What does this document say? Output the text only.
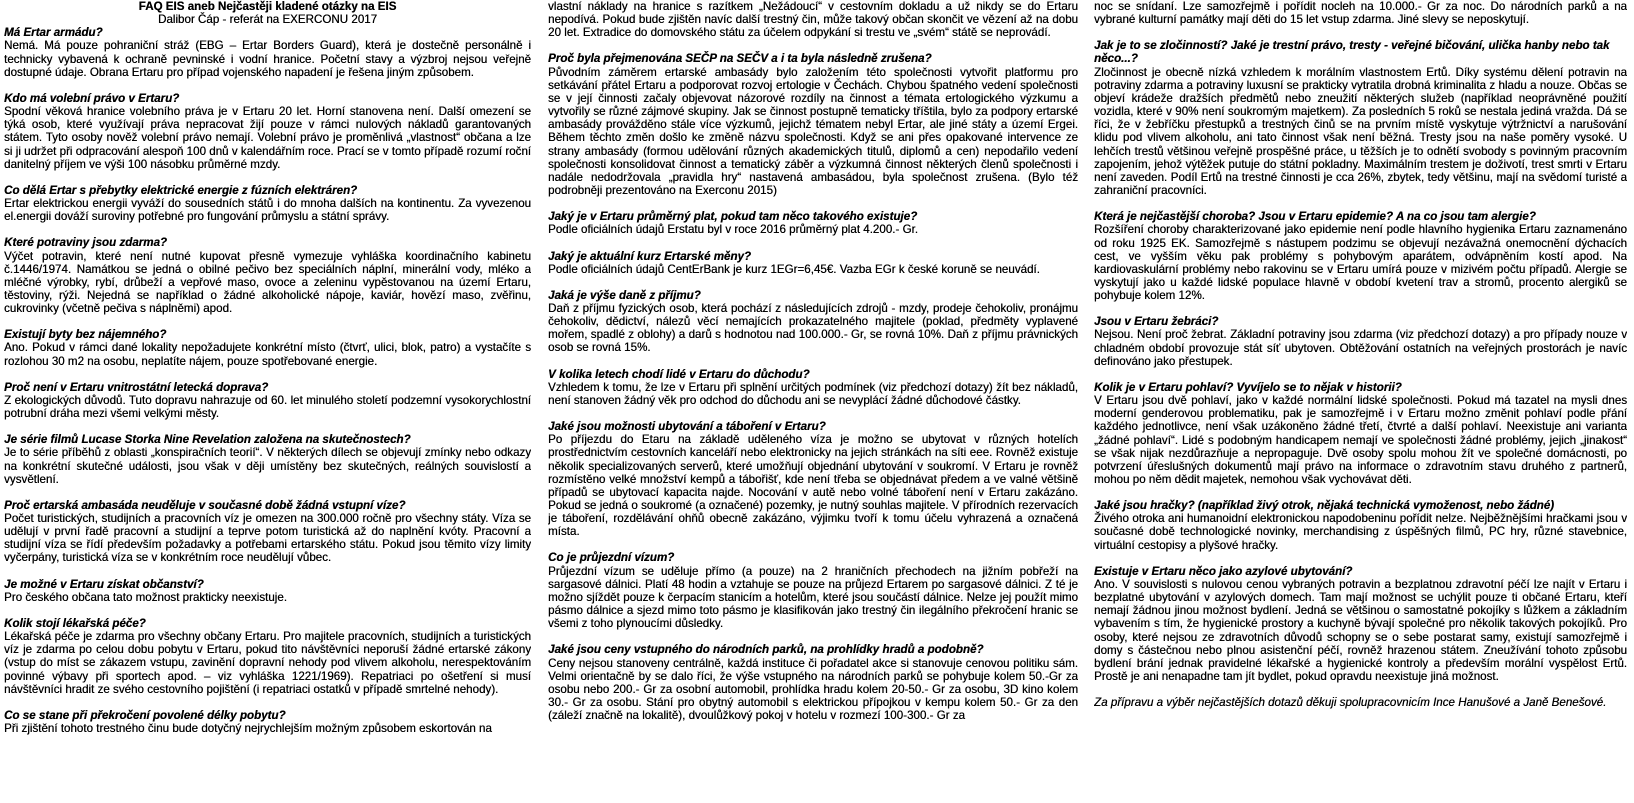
FAQ EIS aneb Nejčastěji kladené otázky na EIS
Dalibor Čáp - referát na EXERCONU 2017
Má Ertar armádu?
Nemá. Má pouze pohraniční stráž (EBG – Ertar Borders Guard), která je dostečně personálně i technicky vybavená k ochraně pevninské i vodní hranice. Početní stavy a výzbroj nejsou veřejně dostupné údaje. Obrana Ertaru pro případ vojenského napadení je řešena jiným způsobem.
Kdo má volební právo v Ertaru?
Spodní věková hranice volebního práva je v Ertaru 20 let. Horní stanovena není. Další omezení se týká osob, které využívají práva nepracovat žijí pouze v rámci nulových nákladů garantovaných státem. Tyto osoby nověž volební právo nemají. Volební právo je proměnlivá „vlastnost“ občana a lze si ji udržet při odpracování alespoň 100 dnů v kalendářním roce. Prací se v tomto případě rozumí roční danitelný příjem ve výši 100 násobku průměrné mzdy.
Co dělá Ertar s přebytky elektrické energie z fúzních elektráren?
Ertar elektrickou energii vyváží do sousedních států i do mnoha dalších na kontinentu. Za vyvezenou el.energii dováží suroviny potřebné pro fungování průmyslu a státní správy.
Které potraviny jsou zdarma?
Výčet potravin, které není nutné kupovat přesně vymezuje vyhláška koordinačního kabinetu č.1446/1974. Namátkou se jedná o obilné pečivo bez speciálních náplní, minerální vody, mléko a mléčné výrobky, rybí, drůbeží a vepřové maso, ovoce a zeleninu vypěstovanou na území Ertaru, těstoviny, rýži. Nejedná se například o žádné alkoholické nápoje, kaviár, hovězí maso, zvěřinu, cukrovinky (včetně pečiva s náplněmi) apod.
Existují byty bez nájemného?
Ano. Pokud v rámci dané lokality nepožadujete konkrétní místo (čtvrť, ulici, blok, patro) a vystačíte s rozlohou 30 m2 na osobu, neplatíte nájem, pouze spotřebované energie.
Proč není v Ertaru vnitrostátní letecká doprava?
Z ekologických důvodů. Tuto dopravu nahrazuje od 60. let minulého století podzemní vysokorychlostní potrubní dráha mezi všemi velkými městy.
Je série filmů Lucase Storka Nine Revelation založena na skutečnostech?
Je to série příběhů z oblasti „konspiračních teorií“. V některých dílech se objevují zmínky nebo odkazy na konkrétní skutečné události, jsou však v ději umístěny bez skutečných, reálných souvislostí a vysvětlení.
Proč ertarská ambasáda neuděluje v současné době žádná vstupní víze?
Počet turistických, studijních a pracovních víz je omezen na 300.000 ročně pro všechny státy. Víza se udělují v první řadě pracovní a studijní a teprve potom turistická až do naplnění kvóty. Pracovní a studijní víza se řídí především požadavky a potřebami ertarského státu. Pokud jsou těmito vízy limity vyčerpány, turistická víza se v konkrétním roce neudělují vůbec.
Je možné v Ertaru získat občanství?
Pro českého občana tato možnost prakticky neexistuje.
Kolik stojí lékařská péče?
Lékařská péče je zdarma pro všechny občany Ertaru. Pro majitele pracovních, studijních a turistických víz je zdarma po celou dobu pobytu v Ertaru, pokud tito návštěvníci neporuší žádné ertarské zákony (vstup do míst se zákazem vstupu, zavinění dopravní nehody pod vlivem alkoholu, nerespektováním povinné výbavy při sportech apod. – viz vyhláška 1221/1969). Repatriaci po ošetření si musí návštěvníci hradit ze svého cestovního pojištění (i repatriaci ostatků v případě smrtelné nehody).
Co se stane při překročení povolené délky pobytu?
Při zjištění tohoto trestného činu bude dotyčný nejrychlejším možným způsobem eskortován na
vlastní náklady na hranice s razítkem „Nežádoucí“ v cestovním dokladu a už nikdy se do Ertaru nepodívá. Pokud bude zjištěn navíc další trestný čin, může takový občan skončit ve vězení až na dobu 20 let. Extradice do domovského státu za účelem odpykání si trestu ve „svém“ státě se neprovádí.
Proč byla přejmenována SEČP na SEČV a i ta byla následně zrušena?
Původním záměrem ertarské ambasády bylo založením této společnosti vytvořit platformu pro setkávání přátel Ertaru a podporovat rozvoj ertologie v Čechách. Chybou špatného vedení společnosti se v její činnosti začaly objevovat názorové rozdíly na činnost a témata ertologického výzkumu a vytvořily se různé zájmové skupiny. Jak se činnost postupně tematicky tříštila, bylo za podpory ertarské ambasády provážděno stále více výzkumů, jejichž tématem nebyl Ertar, ale jiné státy a území Ergei. Během těchto změn došlo ke změně názvu společnosti. Když se ani přes opakované intervence ze strany ambasády (formou udělování různých akademických titulů, diplomů a cen) nepodařilo vedení společnosti konsolidovat činnost a tematický záběr a výzkumná činnost některých členů společnosti i nadále nedodržovala „pravidla hry“ nastavená ambasádou, byla společnost zrušena. (Bylo též podrobněji prezentováno na Exerconu 2015)
Jaký je v Ertaru průměrný plat, pokud tam něco takového existuje?
Podle oficiálních údajů Erstatu byl v roce 2016 průměrný plat 4.200.- Gr.
Jaký je aktuální kurz Ertarské měny?
Podle oficiálních údajů CentErBank je kurz 1EGr=6,45€. Vazba EGr k české koruně se neuvádí.
Jaká je výše daně z příjmu?
Daň z příjmu fyzických osob, která pochází z následujících zdrojů - mzdy, prodeje čehokoliv, pronájmu čehokoliv, dědictví, nálezů věcí nemajících prokazatelného majitele (poklad, předměty vyplavené mořem, spadlé z oblohy) a darů s hodnotou nad 100.000.- Gr, se rovná 10%. Daň z příjmu právnických osob se rovná 15%.
V kolika letech chodí lidé v Ertaru do důchodu?
Vzhledem k tomu, že lze v Ertaru při splnění určitých podmínek (viz předchozí dotazy) žít bez nákladů, není stanoven žádný věk pro odchod do důchodu ani se nevyplácí žádné důchodové částky.
Jaké jsou možnosti ubytování a táboření v Ertaru?
Po příjezdu do Etaru na základě uděleného víza je možno se ubytovat v různých hotelích prostřednictvím cestovních kanceláří nebo elektronicky na jejich stránkách na síti eee. Rovněž existuje několik specializovaných serverů, které umožňují objednání ubytování v soukromí. V Ertaru je rovněž rozmístěno velké množství kempů a tábořišť, kde není třeba se objednávat předem a ve valné většině případů se ubytovací kapacita najde. Nocování v autě nebo volné táboření není v Ertaru zakázáno. Pokud se jedná o soukromé (a označené) pozemky, je nutný souhlas majitele. V přírodních rezervacích je táboření, rozdělávání ohňů obecně zakázáno, výjimku tvoří k tomu účelu vyhrazená a označená místa.
Co je průjezdní vízum?
Průjezdní vízum se uděluje přímo (a pouze) na 2 hraničních přechodech na jižním pobřeží na sargasové dálnici. Platí 48 hodin a vztahuje se pouze na průjezd Ertarem po sargasové dálnici. Z té je možno sjíždět pouze k čerpacím stanicím a hotelům, které jsou součástí dálnice. Nelze jej použít mimo pásmo dálnice a sjezd mimo toto pásmo je klasifikován jako trestný čin ilegálního překročení hranic se všemi z toho plynoucími důsledky.
Jaké jsou ceny vstupného do národních parků, na prohlídky hradů a podobně?
Ceny nejsou stanoveny centrálně, každá instituce či pořadatel akce si stanovuje cenovou politiku sám. Velmi orientačně by se dalo říci, že výše vstupného na národních parků se pohybuje kolem 50.-Gr za osobu nebo 200.- Gr za osobní automobil, prohlídka hradu kolem 20-50.- Gr za osobu, 3D kino kolem 30.- Gr za osobu. Stání pro obytný automobil s elektrickou přípojkou v kempu kolem 50.- Gr za den (záleží značně na lokalitě), dvoulůžkový pokoj v hotelu v rozmezí 100-300.- Gr za
noc se snídaní. Lze samozřejmě i pořídit nocleh na 10.000.- Gr za noc. Do národních parků a na vybrané kulturní památky mají děti do 15 let vstup zdarma. Jiné slevy se neposkytují.
Jak je to se zločinností? Jaké je trestní právo, tresty - veřejné bičování, ulička hanby nebo tak něco...?
Zločinnost je obecně nízká vzhledem k morálním vlastnostem Ertů. Díky systému dělení potravin na potraviny zdarma a potraviny luxusní se prakticky vytratila drobná kriminalita z hladu a nouze. Občas se objeví krádeže dražších předmětů nebo zneužití některých služeb (například neoprávněné použití vozidla, které v 90% není soukromým majetkem). Za posledních 5 roků se nestala jediná vražda. Dá se říci, že v žebříčku přestupků a trestných činů se na prvním místě vyskytuje výtržnictví a narušování klidu pod vlivem alkoholu, ani tato činnost však není běžná. Tresty jsou na naše poměry vysoké. U lehčích trestů většinou veřejně prospěšné práce, u těžších je to odnětí svobody s povinným pracovním zapojením, jehož výtěžek putuje do státní pokladny. Maximálním trestem je doživotí, trest smrti v Ertaru není zaveden. Podíl Ertů na trestné činnosti je cca 26%, zbytek, tedy většinu, mají na svědomí turisté a zahraniční pracovníci.
Která je nejčastější choroba? Jsou v Ertaru epidemie? A na co jsou tam alergie?
Rozšíření choroby charakterizované jako epidemie není podle hlavního hygienika Ertaru zaznamenáno od roku 1925 EK. Samozřejmě s nástupem podzimu se objevují nezávažná onemocnění dýchacích cest, ve vyšším věku pak problémy s pohybovým aparátem, odvápněním kostí apod. Na kardiovaskulární problémy nebo rakovinu se v Ertaru umírá pouze v mizivém počtu případů. Alergie se vyskytují jako u každé lidské populace hlavně v období kvetení trav a stromů, procento alergiků se pohybuje kolem 12%.
Jsou v Ertaru žebráci?
Nejsou. Není proč žebrat. Základní potraviny jsou zdarma (viz předchozí dotazy) a pro případy nouze v chladném období provozuje stát síť ubytoven. Obtěžování ostatních na veřejných prostorách je navíc definováno jako přestupek.
Kolik je v Ertaru pohlaví? Vyvíjelo se to nějak v historii?
V Ertaru jsou dvě pohlaví, jako v každé normální lidské společnosti. Pokud má tazatel na mysli dnes moderní genderovou problematiku, pak je samozřejmě i v Ertaru možno změnit pohlaví podle přání každého jednotlivce, není však uzákoněno žádné třetí, čtvrté a další pohlaví. Neexistuje ani varianta „žádné pohlaví“. Lidé s podobným handicapem nemají ve společnosti žádné problémy, jejich „jinakost“ se však nijak nezdůrazňuje a nepropaguje. Dvě osoby spolu mohou žít ve společné domácnosti, po potvrzení úřeslušných dokumentů mají právo na informace o zdravotním stavu druhého z partnerů, mohou po něm dědit majetek, nemohou však vychovávat děti.
Jaké jsou hračky? (například živý otrok, nějaká technická vymoženost, nebo žádné)
Živého otroka ani humanoidní elektronickou napodobeninu pořídit nelze. Nejběžnějšími hračkami jsou v současné době technologické novinky, merchandising z úspěšných filmů, PC hry, různé stavebnice, virtuální cestopisy a plyšové hračky.
Existuje v Ertaru něco jako azylové ubytování?
Ano. V souvislosti s nulovou cenou vybraných potravin a bezplatnou zdravotní péčí lze najít v Ertaru i bezplatné ubytování v azylových domech. Tam mají možnost se uchýlit pouze ti občané Ertaru, kteří nemají žádnou jinou možnost bydlení. Jedná se většinou o samostatné pokojíky s lůžkem a základním vybavením s tím, že hygienické prostory a kuchyně bývají společné pro několik takových pokojíků. Pro osoby, které nejsou ze zdravotních důvodů schopny se o sebe postarat samy, existují samozřejmě i domy s částečnou nebo plnou asistenční péčí, rovněž hrazenou státem. Zneužívání tohoto způsobu bydlení brání jednak pravidelné lékařské a hygienické kontroly a především morální vyspělost Ertů. Prostě je ani nenapadne tam jít bydlet, pokud opravdu neexistuje jiná možnost.
Za přípravu a výběr nejčastějších dotazů děkuji spolupracovnicím Ince Hanušové a Janě Benešové.
